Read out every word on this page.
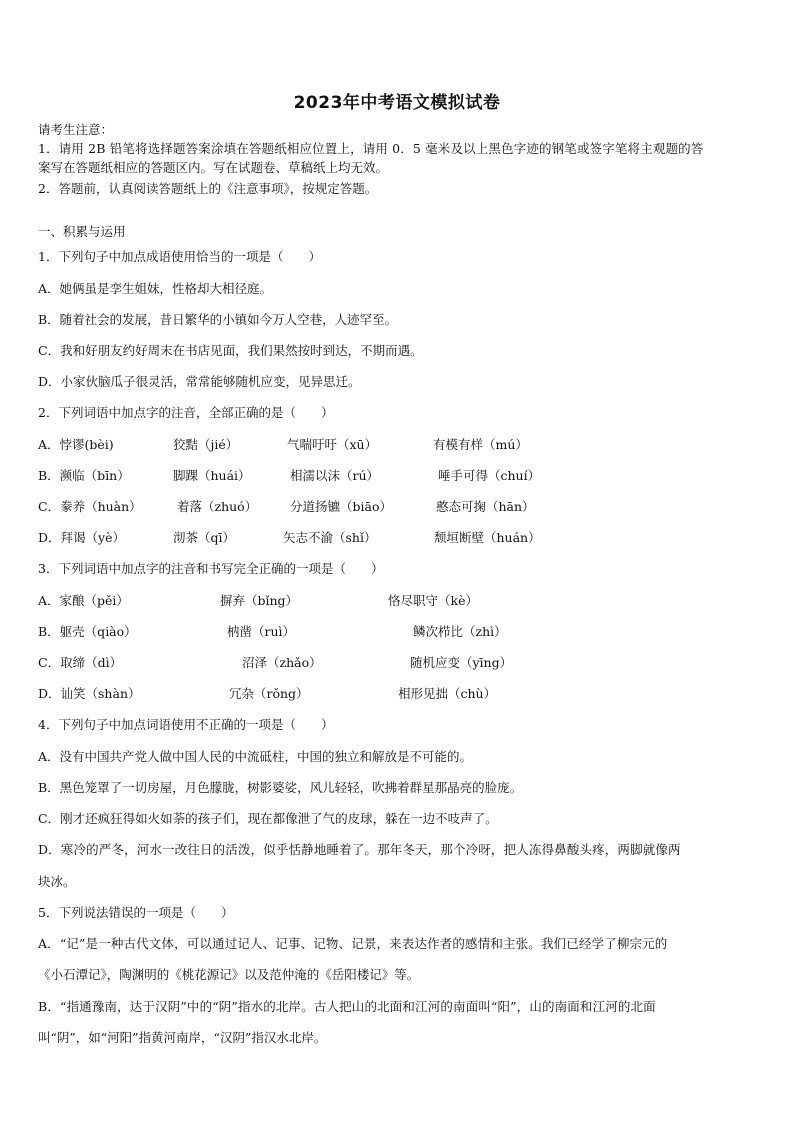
2023年中考语文模拟试卷
请考生注意：
1．请用 2B 铅笔将选择题答案涂填在答题纸相应位置上，请用 0．5 毫米及以上黑色字迹的钢笔或签字笔将主观题的答
案写在答题纸相应的答题区内。写在试题卷、草稿纸上均无效。
2．答题前，认真阅读答题纸上的《注意事项》，按规定答题。
一、积累与运用
1．下列句子中加点成语使用恰当的一项是（　　）
A．她俩虽是孪生姐妹，性格却大相径庭。
B．随着社会的发展，昔日繁华的小镇如今万人空巷，人迹罕至。
C．我和好朋友约好周末在书店见面，我们果然按时到达，不期而遇。
D．小家伙脑瓜子很灵活，常常能够随机应变，见异思迁。
2．下列词语中加点字的注音，全部正确的是（　　）
A．悖谬(bèi)	狡黠（jié）	气喘吁吁（xū）	有模有样（mú）
B．濒临（bīn）	脚踝（huái）	相濡以沫（rú）	唾手可得（chuí）
C．豢养（huàn）	着落（zhuó）	分道扬镳（biāo）	憨态可掬（hān）
D．拜谒（yè）	沏茶（qī）	矢志不渝（shǐ）	颓垣断壁（huán）
3．下列词语中加点字的注音和书写完全正确的一项是（　　）
A．家酿（pěi）	摒弃（bǐng）	恪尽职守（kè）
B．躯壳（qiào）	枘凿（ruì）	鳞次栉比（zhì）
C．取缔（dì）	沼泽（zhǎo）	随机应变（yīng）
D．讪笑（shàn）	冗杂（rǒng）	相形见拙（chù）
4．下列句子中加点词语使用不正确的一项是（　　）
A．没有中国共产党人做中国人民的中流砥柱，中国的独立和解放是不可能的。
B．黑色笼罩了一切房屋，月色朦胧，树影婆娑，风儿轻轻，吹拂着群星那晶亮的脸庞。
C．刚才还疯狂得如火如荼的孩子们，现在都像泄了气的皮球，躲在一边不吱声了。
D．寒冷的严冬，河水一改往日的活泼，似乎恬静地睡着了。那年冬天，那个冷呀，把人冻得鼻酸头疼，两脚就像两
块冰。
5．下列说法错误的一项是（　　）
A．“记”是一种古代文体，可以通过记人、记事、记物、记景，来表达作者的感情和主张。我们已经学了柳宗元的
《小石潭记》，陶渊明的《桃花源记》以及范仲淹的《岳阳楼记》等。
B．“指通豫南，达于汉阴”中的“阴”指水的北岸。古人把山的北面和江河的南面叫“阳”，山的南面和江河的北面
叫“阴”，如“河阳”指黄河南岸，“汉阴”指汉水北岸。
